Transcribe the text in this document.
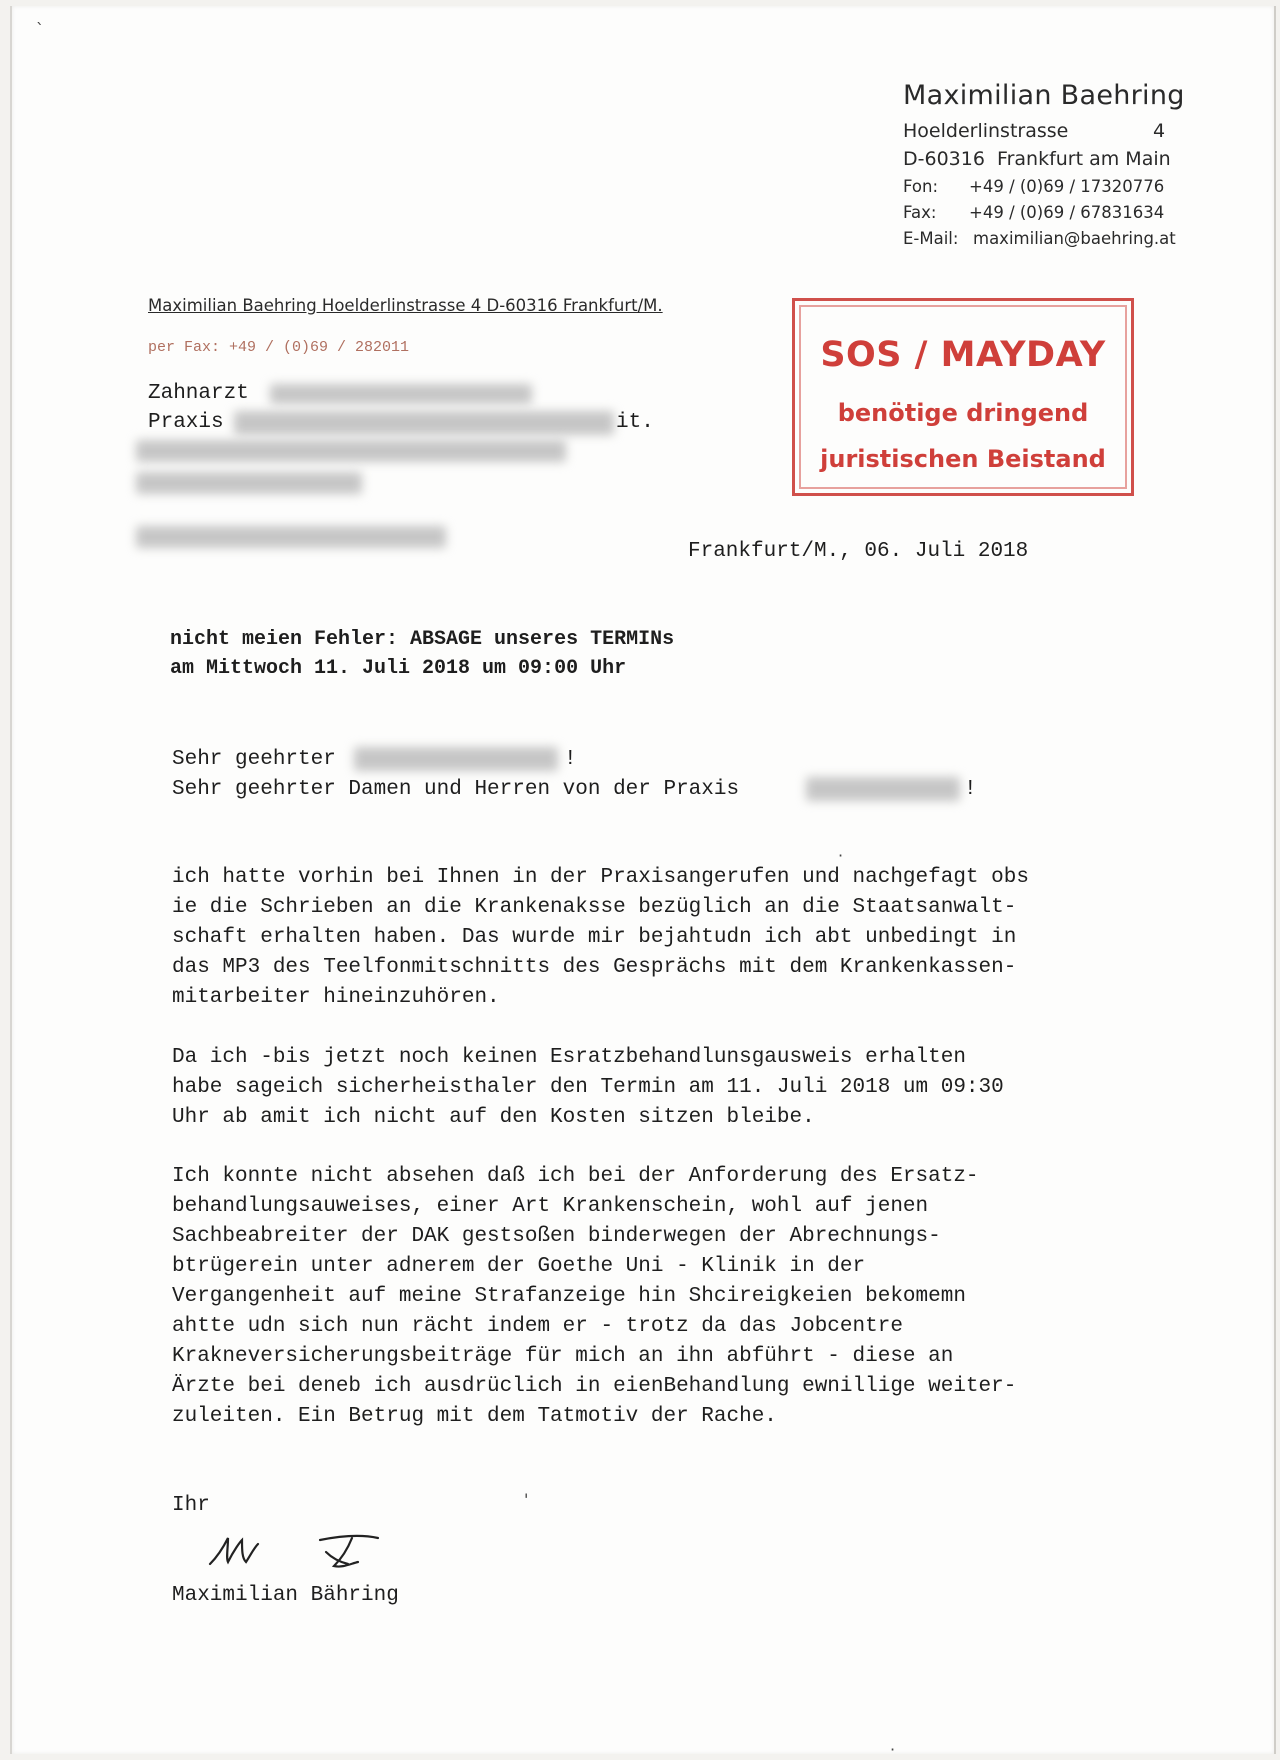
Maximilian Baehring
Hoelderlinstrasse	4
D-60316 Frankfurt am Main
Fon: +49 / (0)69 / 17320776
Fax: +49 / (0)69 / 67831634
E-Mail: maximilian@baehring.at
Maximilian Baehring Hoelderlinstrasse 4 D-60316 Frankfurt/M.
per Fax: +49 / (0)69 / 282011
Zahnarzt
Praxis	it.
SOS / MAYDAY
benötige dringend
juristischen Beistand
Frankfurt/M., 06. Juli 2018
nicht meien Fehler: ABSAGE unseres TERMINs
am Mittwoch 11. Juli 2018 um 09:00 Uhr
Sehr geehrter	!
Sehr geehrter Damen und Herren von der Praxis	!
ich hatte vorhin bei Ihnen in der Praxisangerufen und nachgefagt obs
ie die Schrieben an die Krankenaksse bezüglich an die Staatsanwalt-
schaft erhalten haben. Das wurde mir bejahtudn ich abt unbedingt in
das MP3 des Teelfonmitschnitts des Gesprächs mit dem Krankenkassen-
mitarbeiter hineinzuhören.
Da ich -bis jetzt noch keinen Esratzbehandlunsgausweis erhalten
habe sageich sicherheisthaler den Termin am 11. Juli 2018 um 09:30
Uhr ab amit ich nicht auf den Kosten sitzen bleibe.
Ich konnte nicht absehen daß ich bei der Anforderung des Ersatz-
behandlungsauweises, einer Art Krankenschein, wohl auf jenen
Sachbeabreiter der DAK gestsoßen binderwegen der Abrechnungs-
btrügerein unter adnerem der Goethe Uni - Klinik in der
Vergangenheit auf meine Strafanzeige hin Shcireigkeien bekomemn
ahtte udn sich nun rächt indem er - trotz da das Jobcentre
Krakneversicherungsbeiträge für mich an ihn abführt - diese an
Ärzte bei deneb ich ausdrüclich in eienBehandlung ewnillige weiter-
zuleiten. Ein Betrug mit dem Tatmotiv der Rache.
Ihr
Maximilian Bähring
`
·
'
·
